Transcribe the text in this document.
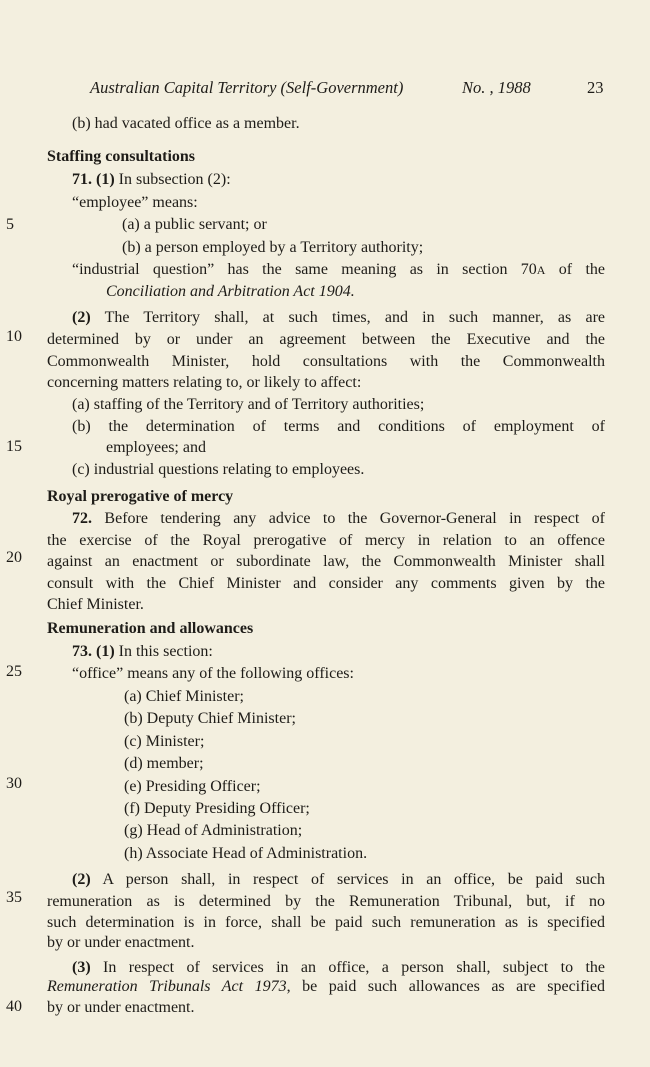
Australian Capital Territory (Self-Government)	No. , 1988	23
5
10
15
20
25
30
35
40
(b) had vacated office as a member.
Staffing consultations
71. (1) In subsection (2):
“employee” means:
(a) a public servant; or
(b) a person employed by a Territory authority;
“industrial question” has the same meaning as in section 70A of the
Conciliation and Arbitration Act 1904.
(2) The Territory shall, at such times, and in such manner, as are
determined by or under an agreement between the Executive and the
Commonwealth Minister, hold consultations with the Commonwealth
concerning matters relating to, or likely to affect:
(a) staffing of the Territory and of Territory authorities;
(b) the determination of terms and conditions of employment of
employees; and
(c) industrial questions relating to employees.
Royal prerogative of mercy
72. Before tendering any advice to the Governor-General in respect of
the exercise of the Royal prerogative of mercy in relation to an offence
against an enactment or subordinate law, the Commonwealth Minister shall
consult with the Chief Minister and consider any comments given by the
Chief Minister.
Remuneration and allowances
73. (1) In this section:
“office” means any of the following offices:
(a) Chief Minister;
(b) Deputy Chief Minister;
(c) Minister;
(d) member;
(e) Presiding Officer;
(f) Deputy Presiding Officer;
(g) Head of Administration;
(h) Associate Head of Administration.
(2) A person shall, in respect of services in an office, be paid such
remuneration as is determined by the Remuneration Tribunal, but, if no
such determination is in force, shall be paid such remuneration as is specified
by or under enactment.
(3) In respect of services in an office, a person shall, subject to the
Remuneration Tribunals Act 1973, be paid such allowances as are specified
by or under enactment.
